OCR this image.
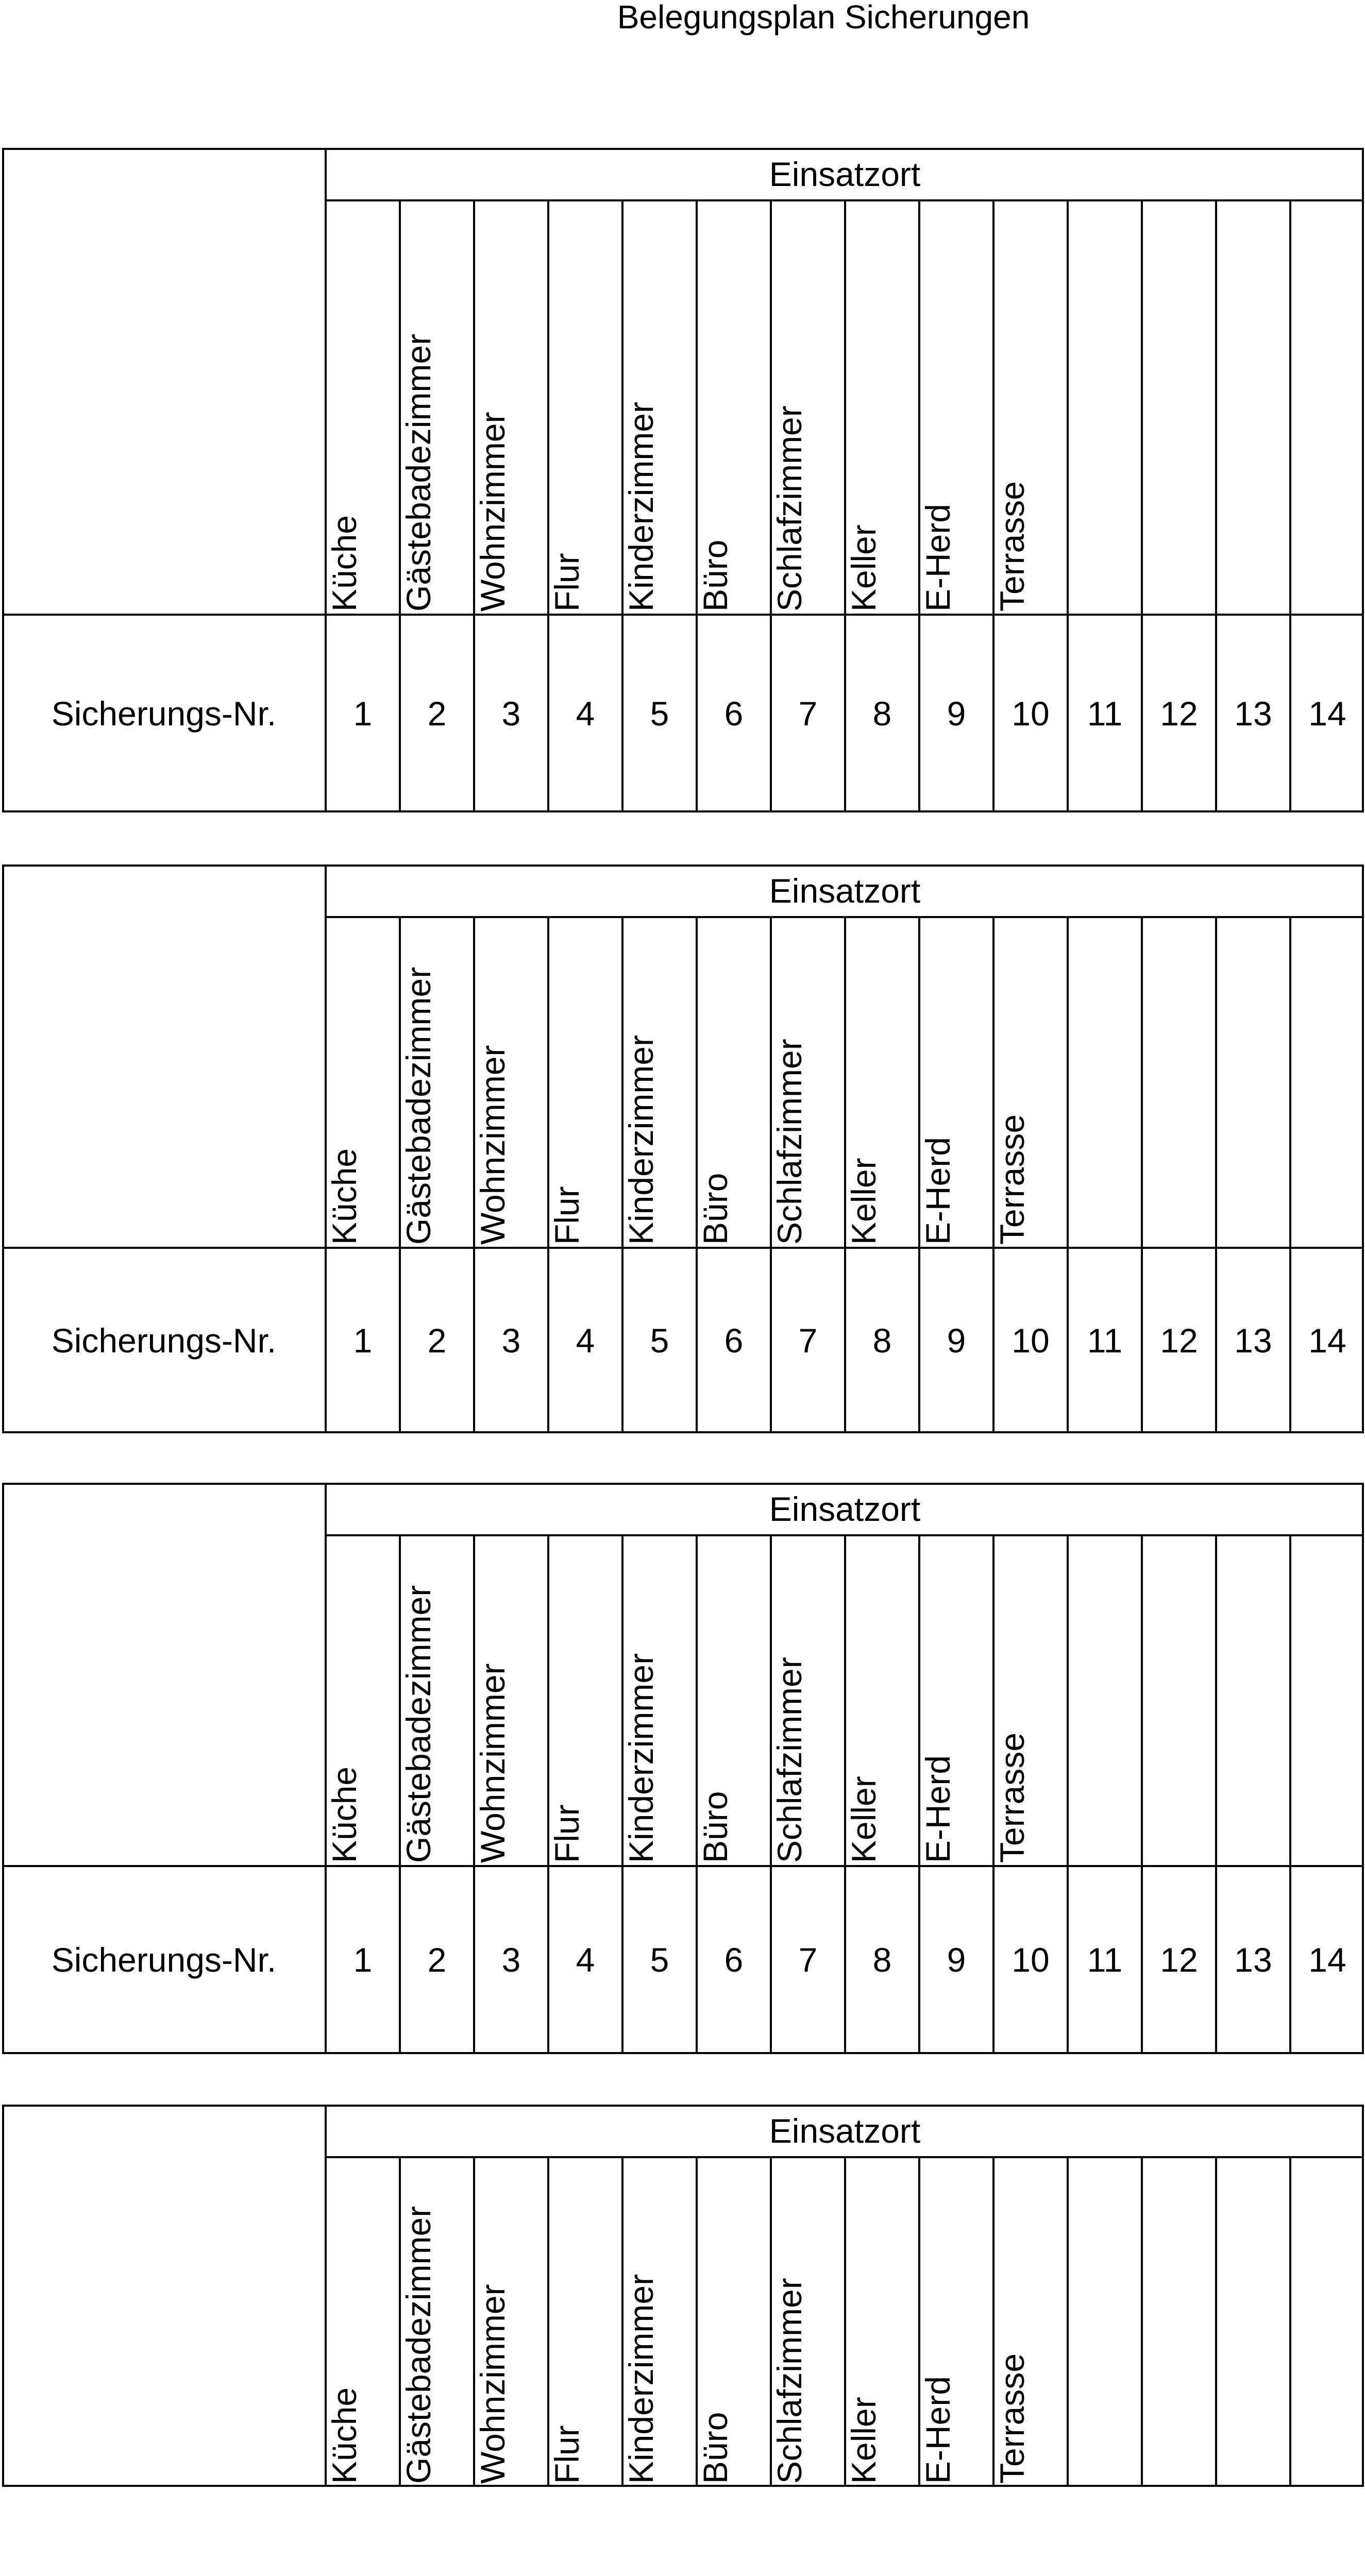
Belegungsplan Sicherungen
Einsatzort
Küche Gästebadezimmer Wohnzimmer Flur Kinderzimmer Büro Schlafzimmer Keller E-Herd Terrasse
Sicherungs-Nr.	1	2	3	4	5	6	7	8	9	10	11	12	13	14
Einsatzort
Küche Gästebadezimmer Wohnzimmer Flur Kinderzimmer Büro Schlafzimmer Keller E-Herd Terrasse
Sicherungs-Nr.	1	2	3	4	5	6	7	8	9	10	11	12	13	14
Einsatzort
Küche Gästebadezimmer Wohnzimmer Flur Kinderzimmer Büro Schlafzimmer Keller E-Herd Terrasse
Sicherungs-Nr.	1	2	3	4	5	6	7	8	9	10	11	12	13	14
Einsatzort
Küche Gästebadezimmer Wohnzimmer Flur Kinderzimmer Büro Schlafzimmer Keller E-Herd Terrasse
